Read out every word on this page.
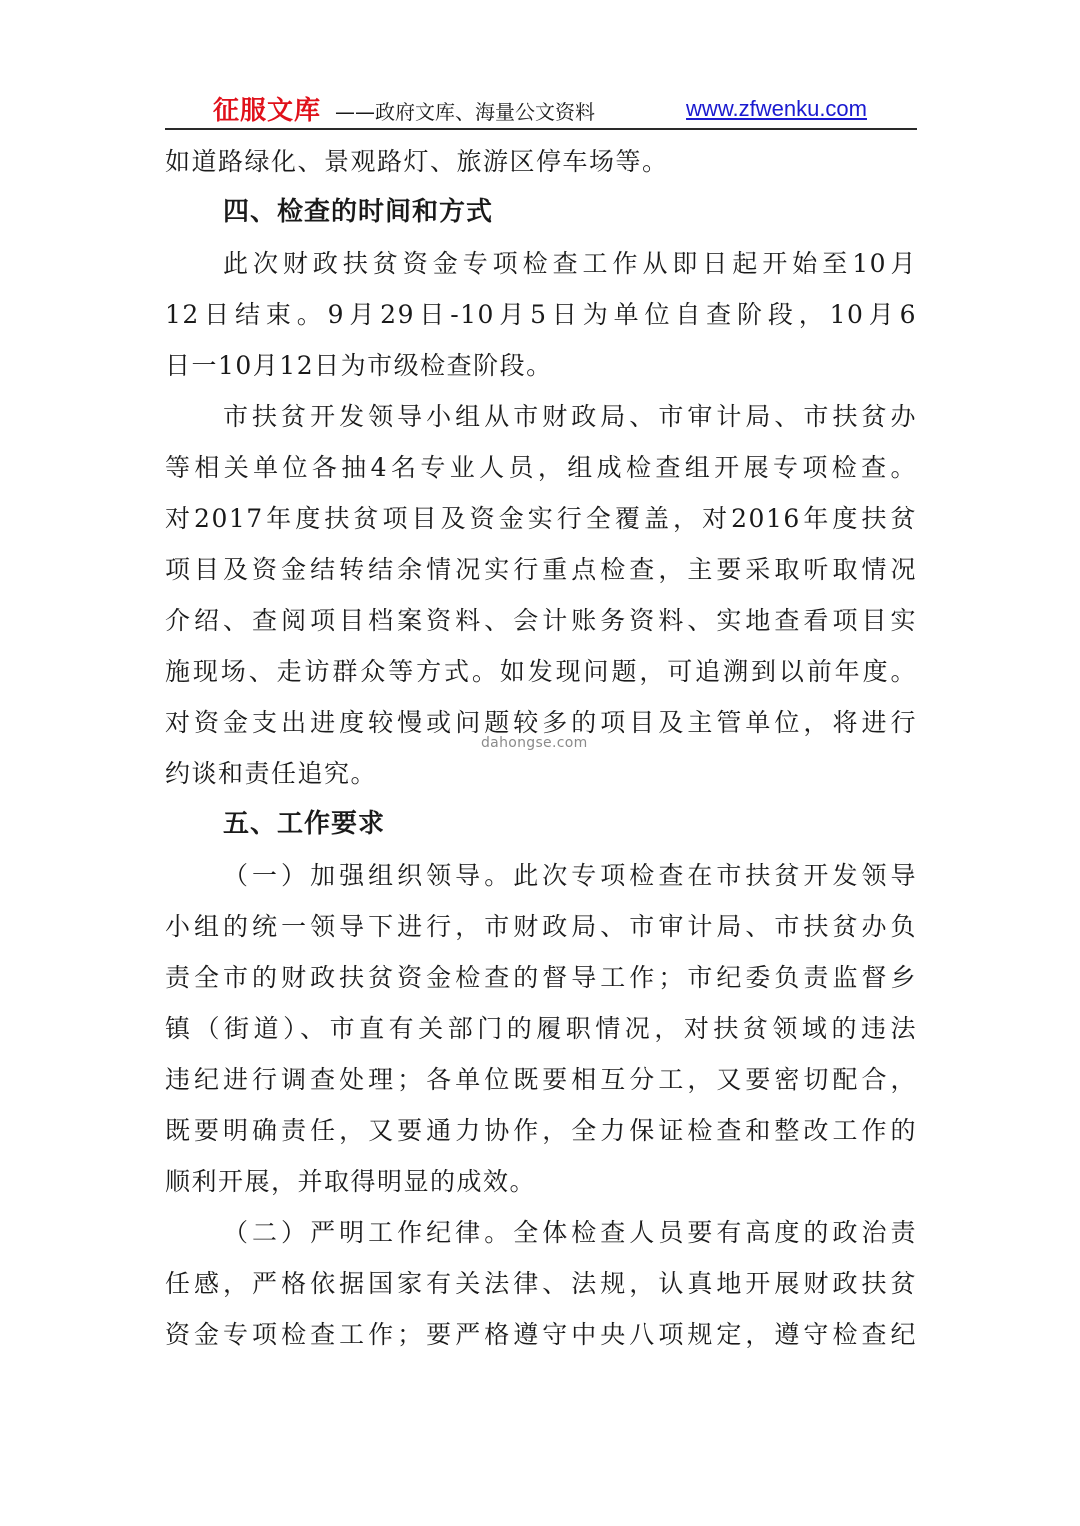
征服文库 ——政府文库、海量公文资料	www.zfwenku.com

如道路绿化、景观路灯、旅游区停车场等。

四、检查的时间和方式

此次财政扶贫资金专项检查工作从即日起开始至10月

12日结束。9月29日-10月5日为单位自查阶段，10月6

日一10月12日为市级检查阶段。

市扶贫开发领导小组从市财政局、市审计局、市扶贫办

等相关单位各抽4名专业人员，组成检查组开展专项检查。

对2017年度扶贫项目及资金实行全覆盖，对2016年度扶贫

项目及资金结转结余情况实行重点检查，主要采取听取情况

介绍、查阅项目档案资料、会计账务资料、实地查看项目实

施现场、走访群众等方式。如发现问题，可追溯到以前年度。

对资金支出进度较慢或问题较多的项目及主管单位，将进行

约谈和责任追究。

五、工作要求

（一）加强组织领导。此次专项检查在市扶贫开发领导

小组的统一领导下进行，市财政局、市审计局、市扶贫办负

责全市的财政扶贫资金检查的督导工作；市纪委负责监督乡

镇（街道）、市直有关部门的履职情况，对扶贫领域的违法

违纪进行调查处理；各单位既要相互分工，又要密切配合，

既要明确责任，又要通力协作，全力保证检查和整改工作的

顺利开展，并取得明显的成效。

（二）严明工作纪律。全体检查人员要有高度的政治责

任感，严格依据国家有关法律、法规，认真地开展财政扶贫

资金专项检查工作；要严格遵守中央八项规定，遵守检查纪

dahongse.com
